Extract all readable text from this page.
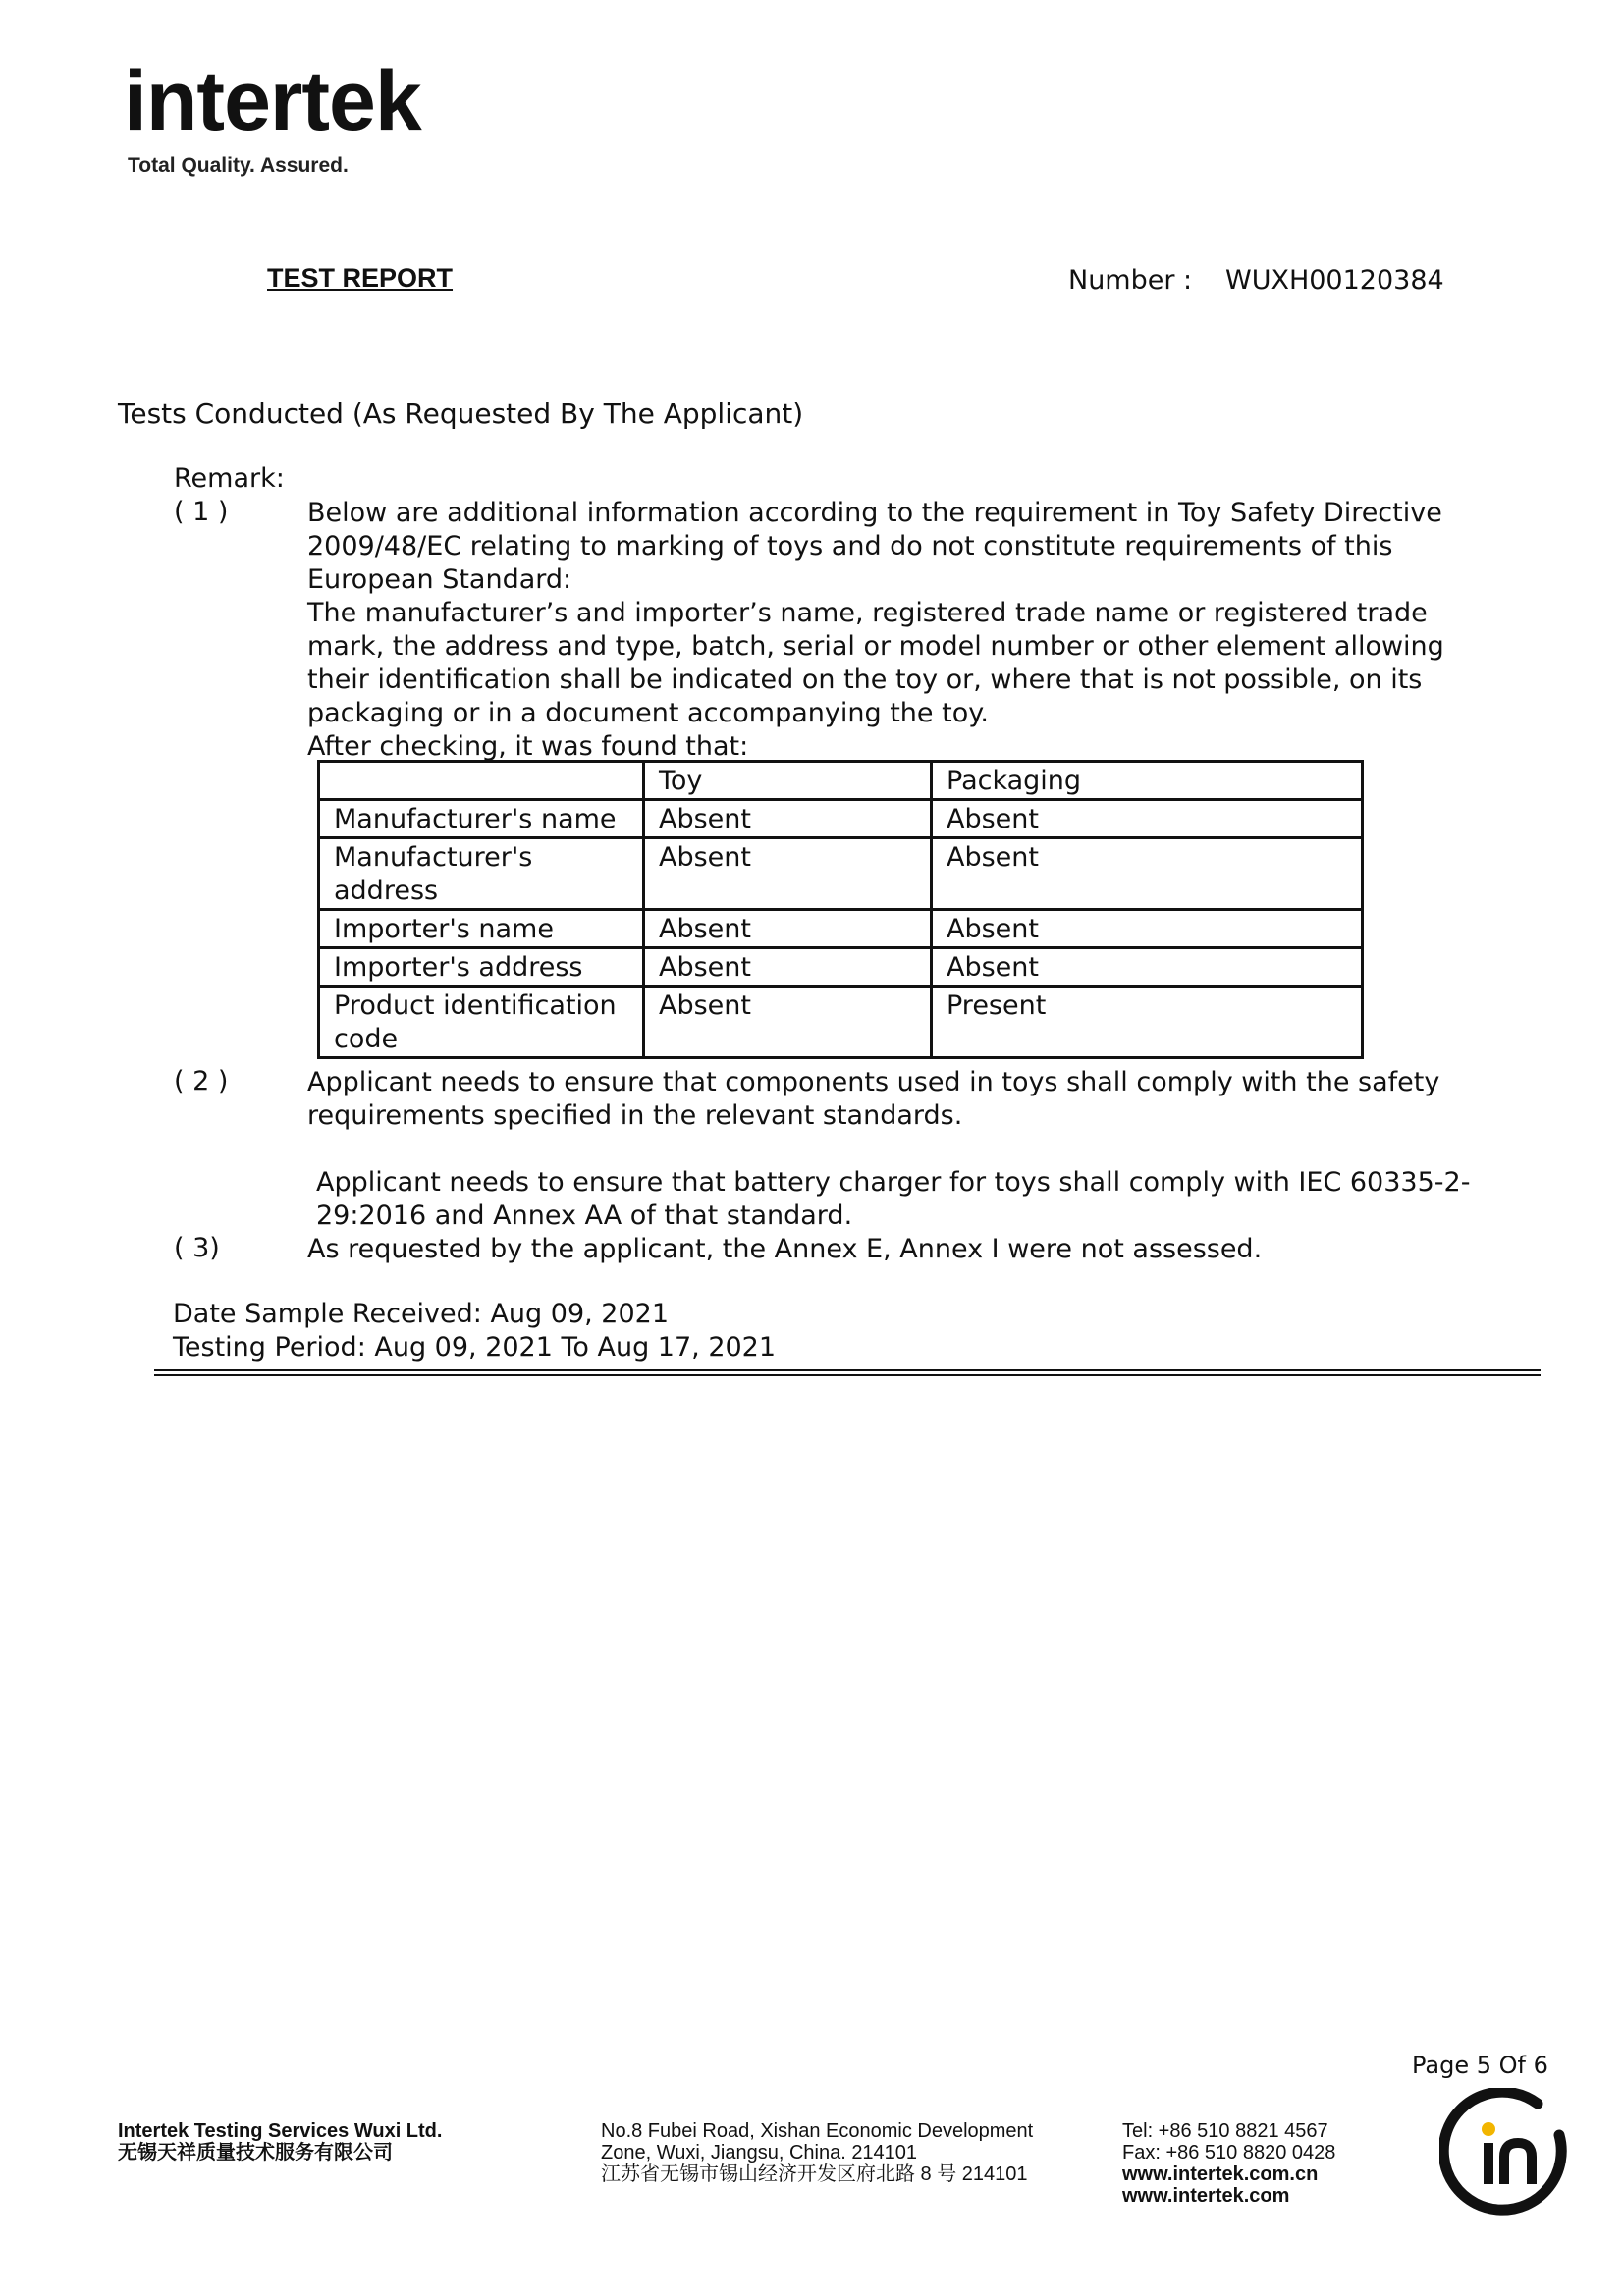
intertek
Total Quality. Assured.
TEST REPORT	Number : WUXH00120384
Tests Conducted (As Requested By The Applicant)
Remark:
( 1 )	Below are additional information according to the requirement in Toy Safety Directive 2009/48/EC relating to marking of toys and do not constitute requirements of this European Standard:
The manufacturer’s and importer’s name, registered trade name or registered trade mark, the address and type, batch, serial or model number or other element allowing their identification shall be indicated on the toy or, where that is not possible, on its packaging or in a document accompanying the toy.
After checking, it was found that:
	Toy	Packaging
Manufacturer's name	Absent	Absent
Manufacturer's address	Absent	Absent
Importer's name	Absent	Absent
Importer's address	Absent	Absent
Product identification code	Absent	Present
( 2 )	Applicant needs to ensure that components used in toys shall comply with the safety requirements specified in the relevant standards.
Applicant needs to ensure that battery charger for toys shall comply with IEC 60335-2-29:2016 and Annex AA of that standard.
( 3)	As requested by the applicant, the Annex E, Annex I were not assessed.
Date Sample Received: Aug 09, 2021
Testing Period: Aug 09, 2021 To Aug 17, 2021
Page 5 Of 6
Intertek Testing Services Wuxi Ltd.
无锡天祥质量技术服务有限公司
No.8 Fubei Road, Xishan Economic Development
Zone, Wuxi, Jiangsu, China. 214101
江苏省无锡市锡山经济开发区府北路 8 号 214101
Tel: +86 510 8821 4567
Fax: +86 510 8820 0428
www.intertek.com.cn
www.intertek.com
